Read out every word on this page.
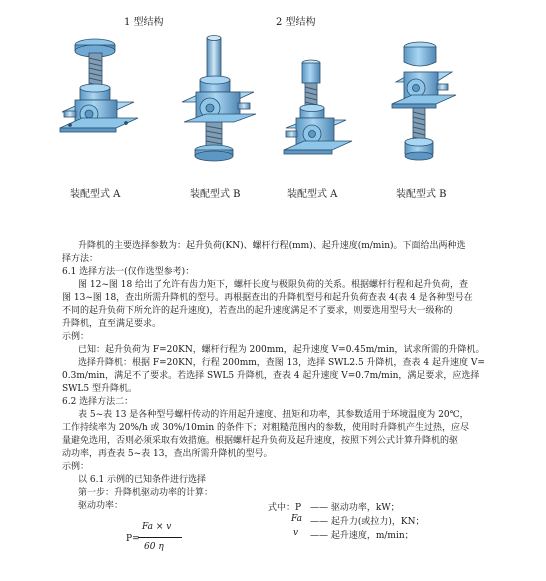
1 型结构	2 型结构
装配型式 A	装配型式 B	装配型式 A	装配型式 B
升降机的主要选择参数为：起升负荷(KN)、螺杆行程(mm)、起升速度(m/min)。下面给出两种选
择方法：
6.1 选择方法一(仅作选型参考)：
图 12~图 18 给出了允许有齿力矩下，螺杆长度与极限负荷的关系。根据螺杆行程和起升负荷，查
图 13~图 18，查出所需升降机的型号。再根据查出的升降机型号和起升负荷查表 4(表 4 是各种型号在
不同的起升负荷下所允许的起升速度)，若查出的起升速度满足不了要求，则要选用型号大一级称的
升降机，直至满足要求。
示例：
已知：起升负荷为 F=20KN，螺杆行程为 200mm，起升速度 V=0.45m/min，试求所需的升降机。
选择升降机：根据 F=20KN，行程 200mm，查图 13，选择 SWL2.5 升降机，查表 4 起升速度 V=
0.3m/min，满足不了要求。若选择 SWL5 升降机，查表 4 起升速度 V=0.7m/min，满足要求，应选择
SWL5 型升降机。
6.2 选择方法二：
表 5~表 13 是各种型号螺杆传动的许用起升速度、扭矩和功率，其参数适用于环境温度为 20℃，
工作持续率为 20%/h 或 30%/10min 的条件下；对粗糙范围内的参数，使用时升降机产生过热，应尽
量避免选用，否则必须采取有效措施。根据螺杆起升负荷及起升速度，按照下列公式计算升降机的驱
动功率，再查表 5~表 13，查出所需升降机的型号。
示例：
以 6.1 示例的已知条件进行选择
第一步：升降机驱动功率的计算：
驱动功率：
P=
Fa × v
60 η
式中：P —— 驱动功率，kW；
Fa —— 起升力(或拉力)，KN；
v —— 起升速度，m/min；
